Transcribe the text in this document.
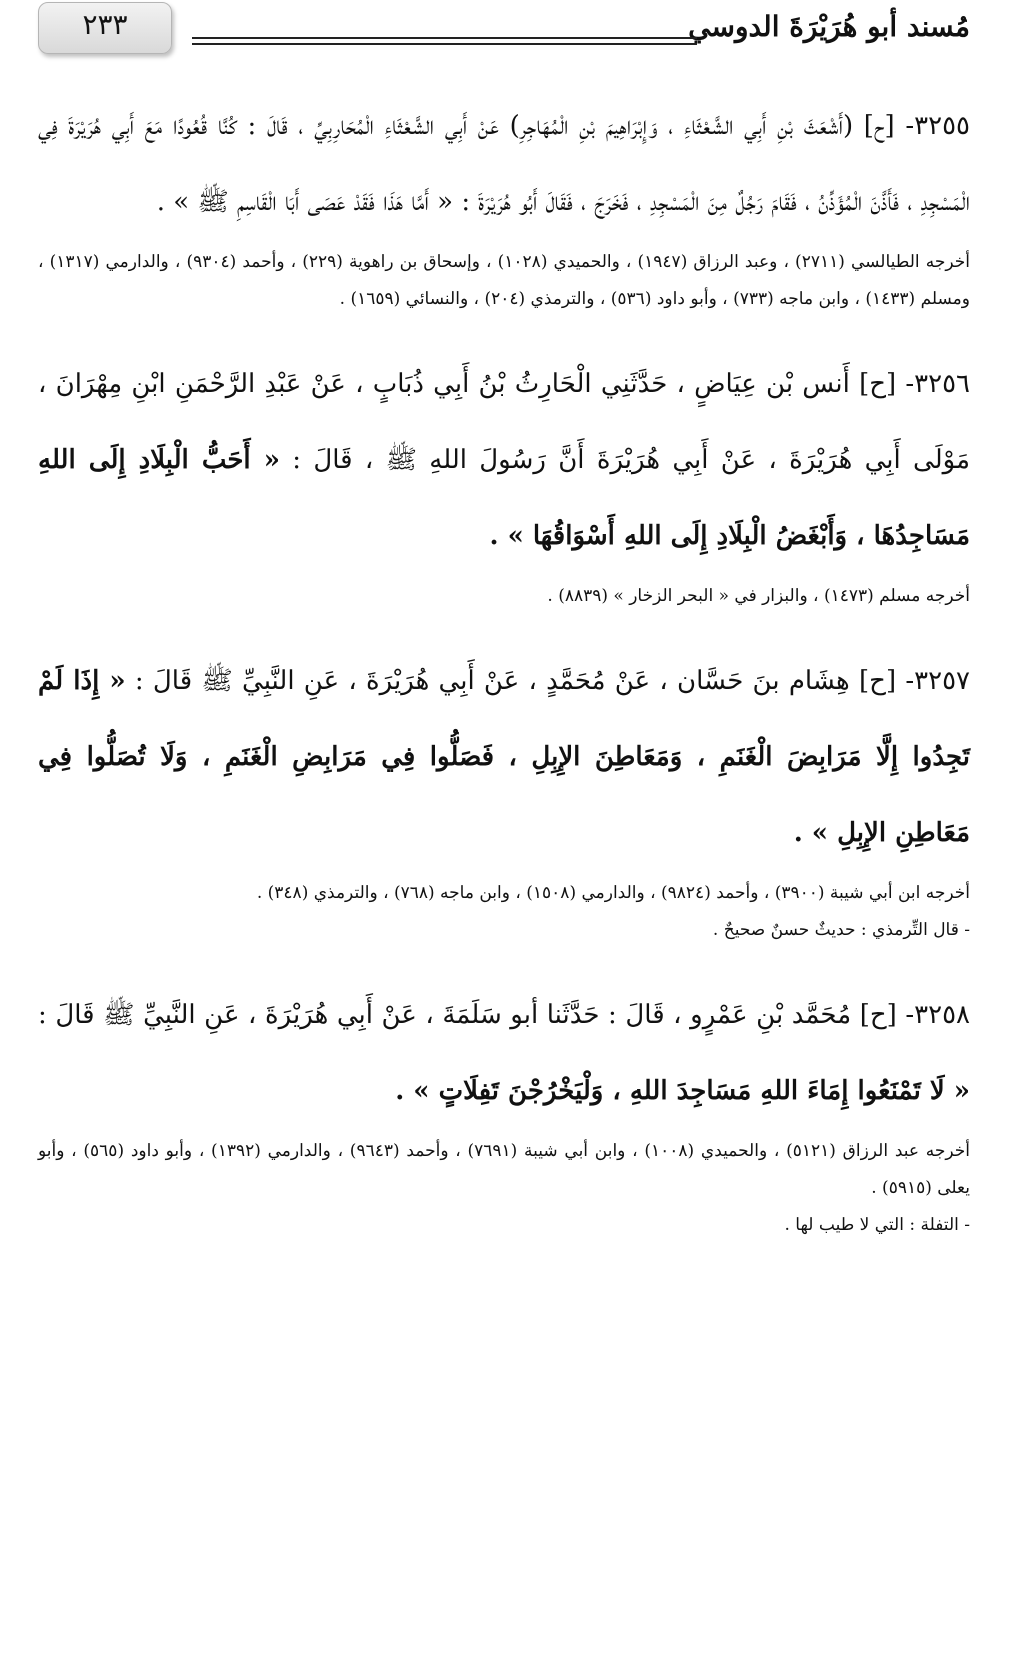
مُسند أبو هُرَيْرَةَ الدوسي
٢٣٣

٣٢٥٥- [ح] (أَشْعَثَ بْنِ أَبِي الشَّعْثَاءِ ، وَإِبْرَاهِيمَ بْنِ الْمُهَاجِرِ) عَنْ أَبِي الشَّعْثَاءِ الْمُحَارِبِيِّ ، قَالَ : كُنَّا قُعُودًا مَعَ أَبِي هُرَيْرَةَ فِي الْمَسْجِدِ ، فَأَذَّنَ الْمُؤَذِّنُ ، فَقَامَ رَجُلٌ مِنَ الْمَسْجِدِ ، فَخَرَجَ ، فَقَالَ أَبُو هُرَيْرَةَ : « أَمَّا هَذَا فَقَدْ عَصَى أَبَا الْقَاسِمِ ﷺ » .

أخرجه الطيالسي (٢٧١١) ، وعبد الرزاق (١٩٤٧) ، والحميدي (١٠٢٨) ، وإسحاق بن راهوية (٢٢٩) ، وأحمد (٩٣٠٤) ، والدارمي (١٣١٧) ، ومسلم (١٤٣٣) ، وابن ماجه (٧٣٣) ، وأبو داود (٥٣٦) ، والترمذي (٢٠٤) ، والنسائي (١٦٥٩) .

٣٢٥٦- [ح] أَنس بْن عِيَاضٍ ، حَدَّثَنِي الْحَارِثُ بْنُ أَبِي ذُبَابٍ ، عَنْ عَبْدِ الرَّحْمَنِ ابْنِ مِهْرَانَ ، مَوْلَى أَبِي هُرَيْرَةَ ، عَنْ أَبِي هُرَيْرَةَ أَنَّ رَسُولَ اللهِ ﷺ ، قَالَ : « أَحَبُّ الْبِلَادِ إِلَى اللهِ مَسَاجِدُهَا ، وَأَبْغَضُ الْبِلَادِ إِلَى اللهِ أَسْوَاقُهَا » .

أخرجه مسلم (١٤٧٣) ، والبزار في « البحر الزخار » (٨٨٣٩) .

٣٢٥٧- [ح] هِشَام بنَ حَسَّان ، عَنْ مُحَمَّدٍ ، عَنْ أَبِي هُرَيْرَةَ ، عَنِ النَّبِيِّ ﷺ قَالَ : « إِذَا لَمْ تَجِدُوا إِلَّا مَرَابِضَ الْغَنَمِ ، وَمَعَاطِنَ الإِبِلِ ، فَصَلُّوا فِي مَرَابِضِ الْغَنَمِ ، وَلَا تُصَلُّوا فِي مَعَاطِنِ الإِبِلِ » .

أخرجه ابن أبي شيبة (٣٩٠٠) ، وأحمد (٩٨٢٤) ، والدارمي (١٥٠٨) ، وابن ماجه (٧٦٨) ، والترمذي (٣٤٨) .

- قال التِّرمذي : حديثٌ حسنٌ صحيحٌ .

٣٢٥٨- [ح] مُحَمَّد بْنِ عَمْرٍو ، قَالَ : حَدَّثَنا أبو سَلَمَةَ ، عَنْ أَبِي هُرَيْرَةَ ، عَنِ النَّبِيِّ ﷺ قَالَ : « لَا تَمْنَعُوا إِمَاءَ اللهِ مَسَاجِدَ اللهِ ، وَلْيَخْرُجْنَ تَفِلَاتٍ » .

أخرجه عبد الرزاق (٥١٢١) ، والحميدي (١٠٠٨) ، وابن أبي شيبة (٧٦٩١) ، وأحمد (٩٦٤٣) ، والدارمي (١٣٩٢) ، وأبو داود (٥٦٥) ، وأبو يعلى (٥٩١٥) .

- التفلة : التي لا طيب لها .
